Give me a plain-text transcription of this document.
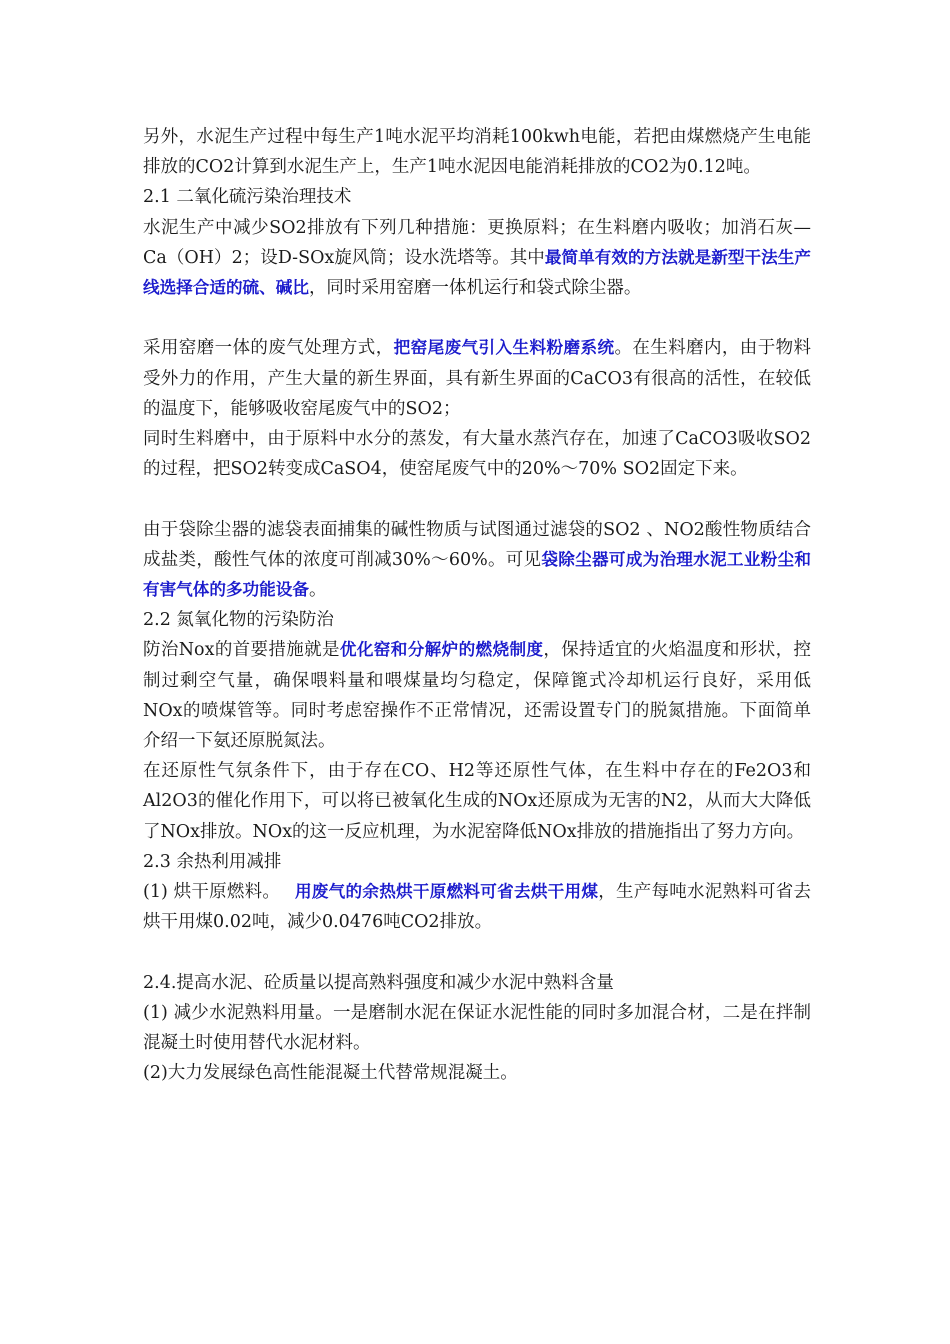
另外，水泥生产过程中每生产1吨水泥平均消耗100kwh电能，若把由煤燃烧产生电能排放的CO2计算到水泥生产上，生产1吨水泥因电能消耗排放的CO2为0.12吨。

2.1 二氧化硫污染治理技术

水泥生产中减少SO2排放有下列几种措施：更换原料；在生料磨内吸收；加消石灰—Ca（OH）2；设D-SOx旋风筒；设水洗塔等。其中最简单有效的方法就是新型干法生产线选择合适的硫、碱比，同时采用窑磨一体机运行和袋式除尘器。

采用窑磨一体的废气处理方式，把窑尾废气引入生料粉磨系统。在生料磨内，由于物料受外力的作用，产生大量的新生界面，具有新生界面的CaCO3有很高的活性，在较低的温度下，能够吸收窑尾废气中的SO2；

同时生料磨中，由于原料中水分的蒸发，有大量水蒸汽存在，加速了CaCO3吸收SO2的过程，把SO2转变成CaSO4，使窑尾废气中的20%～70% SO2固定下来。

由于袋除尘器的滤袋表面捕集的碱性物质与试图通过滤袋的SO2 、NO2酸性物质结合成盐类，酸性气体的浓度可削减30%～60%。可见袋除尘器可成为治理水泥工业粉尘和有害气体的多功能设备。

2.2 氮氧化物的污染防治

防治Nox的首要措施就是优化窑和分解炉的燃烧制度，保持适宜的火焰温度和形状，控制过剩空气量，确保喂料量和喂煤量均匀稳定，保障篦式冷却机运行良好，采用低NOx的喷煤管等。同时考虑窑操作不正常情况，还需设置专门的脱氮措施。下面简单介绍一下氨还原脱氮法。

在还原性气氛条件下，由于存在CO、H2等还原性气体，在生料中存在的Fe2O3和Al2O3的催化作用下，可以将已被氧化生成的NOx还原成为无害的N2，从而大大降低了NOx排放。NOx的这一反应机理，为水泥窑降低NOx排放的措施指出了努力方向。

2.3 余热利用减排

(1) 烘干原燃料。　 用废气的余热烘干原燃料可省去烘干用煤，生产每吨水泥熟料可省去烘干用煤0.02吨，减少0.0476吨CO2排放。

2.4.提高水泥、砼质量以提高熟料强度和减少水泥中熟料含量

(1) 减少水泥熟料用量。一是磨制水泥在保证水泥性能的同时多加混合材，二是在拌制混凝土时使用替代水泥材料。

(2)大力发展绿色高性能混凝土代替常规混凝土。
